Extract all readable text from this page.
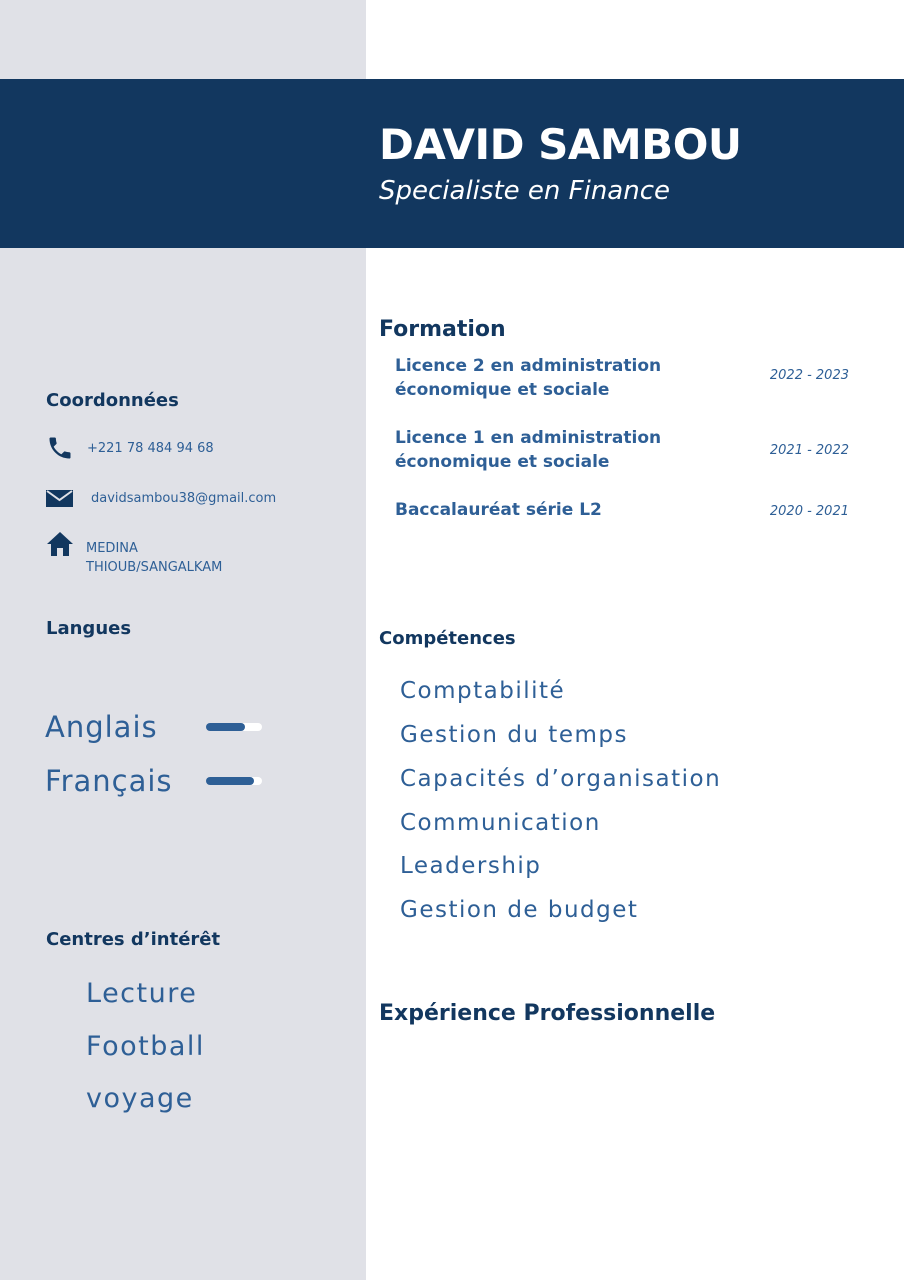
DAVID SAMBOU
Specialiste en Finance
Coordonnées
+221 78 484 94 68
davidsambou38@gmail.com
MEDINA
THIOUB/SANGALKAM
Langues
Anglais
Français
Centres d’intérêt
Lecture
Football
voyage
Formation
Licence 2 en administration
économique et sociale
2022 - 2023
Licence 1 en administration
économique et sociale
2021 - 2022
Baccalauréat série L2	2020 - 2021
Compétences
Comptabilité
Gestion du temps
Capacités d’organisation
Communication
Leadership
Gestion de budget
Expérience Professionnelle
